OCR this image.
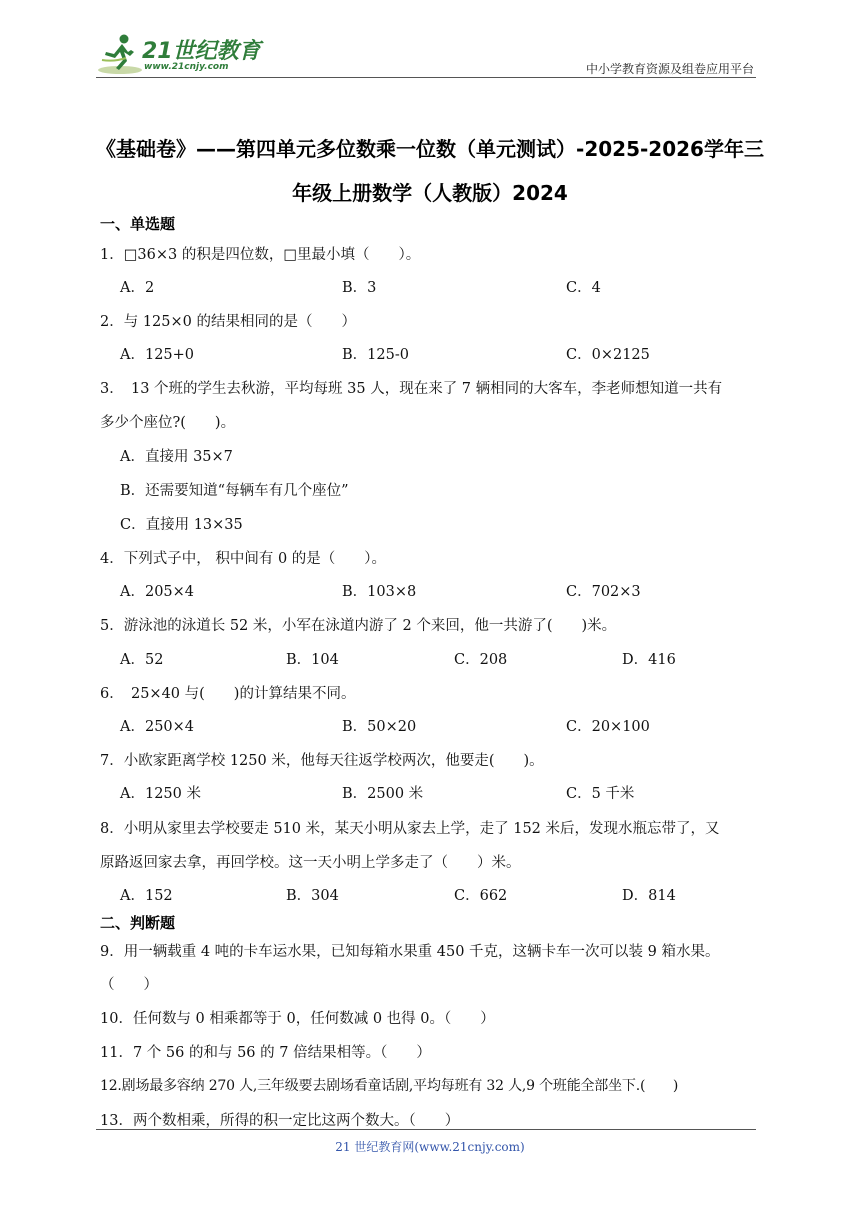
21世纪教育
www.21cnjy.com	中小学教育资源及组卷应用平台
《基础卷》——第四单元多位数乘一位数（单元测试）-2025-2026学年三
年级上册数学（人教版）2024
一、单选题
1．□36×3 的积是四位数，□里最小填（　　）。
A．2	B．3	C．4
2．与 125×0 的结果相同的是（　　）
A．125+0	B．125-0	C．0×2125
3．　13 个班的学生去秋游，平均每班 35 人，现在来了 7 辆相同的大客车，李老师想知道一共有
多少个座位?(　　)。
A．直接用 35×7
B．还需要知道“每辆车有几个座位”
C．直接用 13×35
4．下列式子中， 积中间有 0 的是（　　）。
A．205×4	B．103×8	C．702×3
5．游泳池的泳道长 52 米，小军在泳道内游了 2 个来回，他一共游了(　　)米。
A．52	B．104	C．208	D．416
6．　25×40 与(　　)的计算结果不同。
A．250×4	B．50×20	C．20×100
7．小欧家距离学校 1250 米，他每天往返学校两次，他要走(　　)。
A．1250 米	B．2500 米	C．5 千米
8．小明从家里去学校要走 510 米，某天小明从家去上学，走了 152 米后，发现水瓶忘带了，又
原路返回家去拿，再回学校。这一天小明上学多走了（　　）米。
A．152	B．304	C．662	D．814
二、判断题
9．用一辆载重 4 吨的卡车运水果，已知每箱水果重 450 千克，这辆卡车一次可以装 9 箱水果。
（　　）
10．任何数与 0 相乘都等于 0，任何数减 0 也得 0。（　　）
11．7 个 56 的和与 56 的 7 倍结果相等。（　　）
12.剧场最多容纳 270 人,三年级要去剧场看童话剧,平均每班有 32 人,9 个班能全部坐下.(　　)
13．两个数相乘，所得的积一定比这两个数大。（　　）
21 世纪教育网(www.21cnjy.com)
